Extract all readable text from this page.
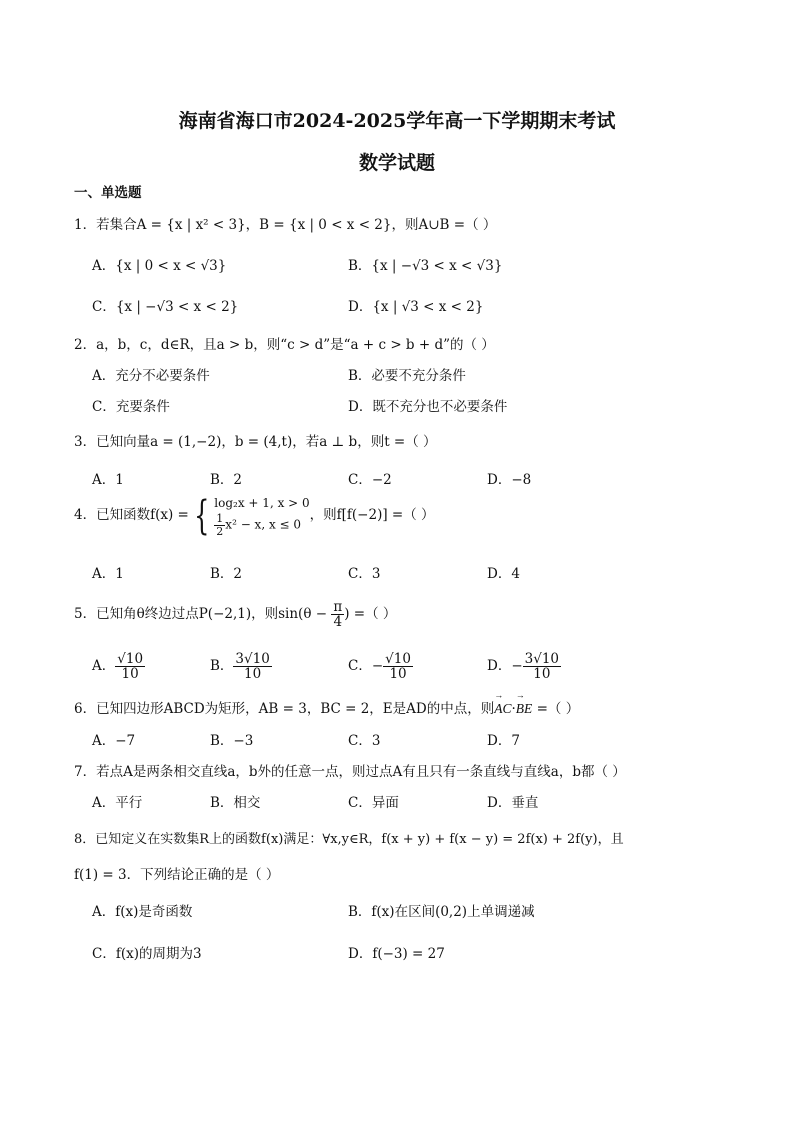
海南省海口市2024-2025学年高一下学期期末考试
数学试题
一、单选题
1．若集合A = {x | x² < 3}，B = {x | 0 < x < 2}，则A∪B =（ ）
A．{x | 0 < x < √3}	B．{x | −√3 < x < √3}
C．{x | −√3 < x < 2}	D．{x | √3 < x < 2}
2．a，b，c，d∈R，且a > b，则“c > d”是“a + c > b + d”的（ ）
A．充分不必要条件	B．必要不充分条件
C．充要条件	D．既不充分也不必要条件
3．已知向量a = (1,−2)，b = (4,t)，若a ⊥ b，则t =（ ）
A．1	B．2	C．−2	D．−8
4．已知函数f(x) = { log₂x + 1, x > 0
$\frac{1}{2} x^2 - x$, x ≤ 0
，则f[f(−2)] =（ ）
A．1	B．2	C．3	D．4
5．已知角θ终边过点P(−2,1)，则$\sin(\theta - \frac{\pi}{4}$ ) =（ ）
A． $\frac{√10}{10}$	B． $\frac{3√10}{10}$	C．− $\frac{√10}{10}$	D．− $\frac{3√10}{10}$
6．已知四边形ABCD为矩形，AB = 3，BC = 2，E是AD的中点，则→ AC·→ BE =（ ）
A．−7	B．−3	C．3	D．7
7．若点A是两条相交直线a，b外的任意一点，则过点A有且只有一条直线与直线a，b都（ ）
A．平行	B．相交	C．异面	D．垂直
8．已知定义在实数集R上的函数f(x)满足：∀x,y∈R，f(x + y) + f(x − y) = 2f(x) + 2f(y)，且
f(1) = 3．下列结论正确的是（ ）
A．f(x)是奇函数	B．f(x)在区间(0,2)上单调递减
C．f(x)的周期为3	D．f(−3) = 27
